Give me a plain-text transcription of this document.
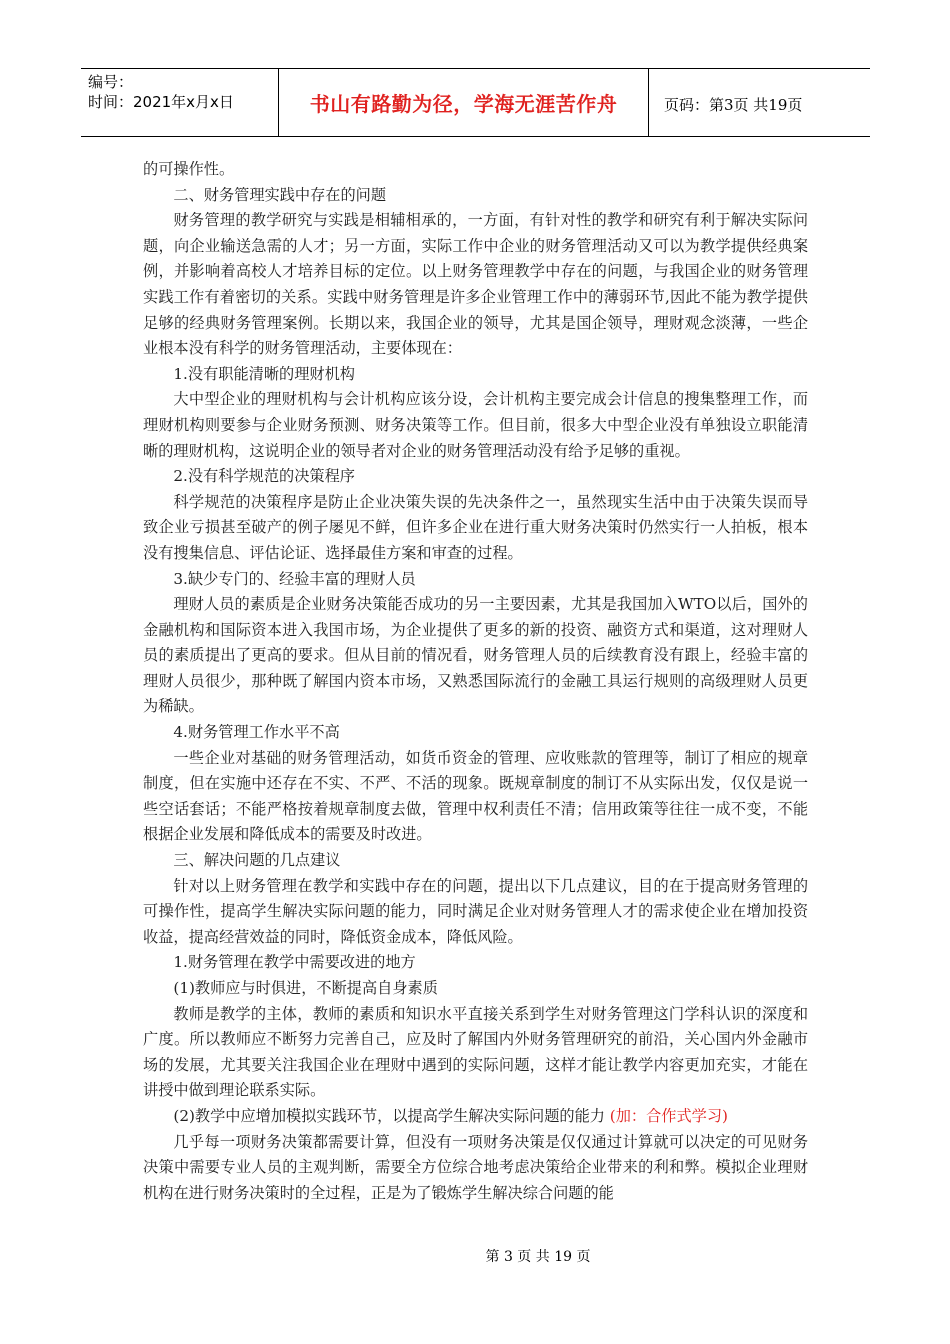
编号：
时间：2021年x月x日	书山有路勤为径，学海无涯苦作舟	页码：第3页 共19页

的可操作性。

二、财务管理实践中存在的问题

财务管理的教学研究与实践是相辅相承的，一方面，有针对性的教学和研究有利于解决实际问题，向企业输送急需的人才；另一方面，实际工作中企业的财务管理活动又可以为教学提供经典案例，并影响着高校人才培养目标的定位。以上财务管理教学中存在的问题，与我国企业的财务管理实践工作有着密切的关系。实践中财务管理是许多企业管理工作中的薄弱环节,因此不能为教学提供足够的经典财务管理案例。长期以来，我国企业的领导，尤其是国企领导，理财观念淡薄，一些企业根本没有科学的财务管理活动，主要体现在：

1.没有职能清晰的理财机构

大中型企业的理财机构与会计机构应该分设，会计机构主要完成会计信息的搜集整理工作，而理财机构则要参与企业财务预测、财务决策等工作。但目前，很多大中型企业没有单独设立职能清晰的理财机构，这说明企业的领导者对企业的财务管理活动没有给予足够的重视。

2.没有科学规范的决策程序

科学规范的决策程序是防止企业决策失误的先决条件之一，虽然现实生活中由于决策失误而导致企业亏损甚至破产的例子屡见不鲜，但许多企业在进行重大财务决策时仍然实行一人拍板，根本没有搜集信息、评估论证、选择最佳方案和审查的过程。

3.缺少专门的、经验丰富的理财人员

理财人员的素质是企业财务决策能否成功的另一主要因素，尤其是我国加入WTO以后，国外的金融机构和国际资本进入我国市场，为企业提供了更多的新的投资、融资方式和渠道，这对理财人员的素质提出了更高的要求。但从目前的情况看，财务管理人员的后续教育没有跟上，经验丰富的理财人员很少，那种既了解国内资本市场，又熟悉国际流行的金融工具运行规则的高级理财人员更为稀缺。

4.财务管理工作水平不高

一些企业对基础的财务管理活动，如货币资金的管理、应收账款的管理等，制订了相应的规章制度，但在实施中还存在不实、不严、不活的现象。既规章制度的制订不从实际出发，仅仅是说一些空话套话；不能严格按着规章制度去做，管理中权利责任不清；信用政策等往往一成不变，不能根据企业发展和降低成本的需要及时改进。

三、解决问题的几点建议

针对以上财务管理在教学和实践中存在的问题，提出以下几点建议，目的在于提高财务管理的可操作性，提高学生解决实际问题的能力，同时满足企业对财务管理人才的需求使企业在增加投资收益，提高经营效益的同时，降低资金成本，降低风险。

1.财务管理在教学中需要改进的地方

(1)教师应与时俱进，不断提高自身素质

教师是教学的主体，教师的素质和知识水平直接关系到学生对财务管理这门学科认识的深度和广度。所以教师应不断努力完善自己，应及时了解国内外财务管理研究的前沿，关心国内外金融市场的发展，尤其要关注我国企业在理财中遇到的实际问题，这样才能让教学内容更加充实，才能在讲授中做到理论联系实际。

(2)教学中应增加模拟实践环节，以提高学生解决实际问题的能力 (加：合作式学习)

几乎每一项财务决策都需要计算，但没有一项财务决策是仅仅通过计算就可以决定的可见财务决策中需要专业人员的主观判断，需要全方位综合地考虑决策给企业带来的利和弊。模拟企业理财机构在进行财务决策时的全过程，正是为了锻炼学生解决综合问题的能

第 3 页 共 19 页
